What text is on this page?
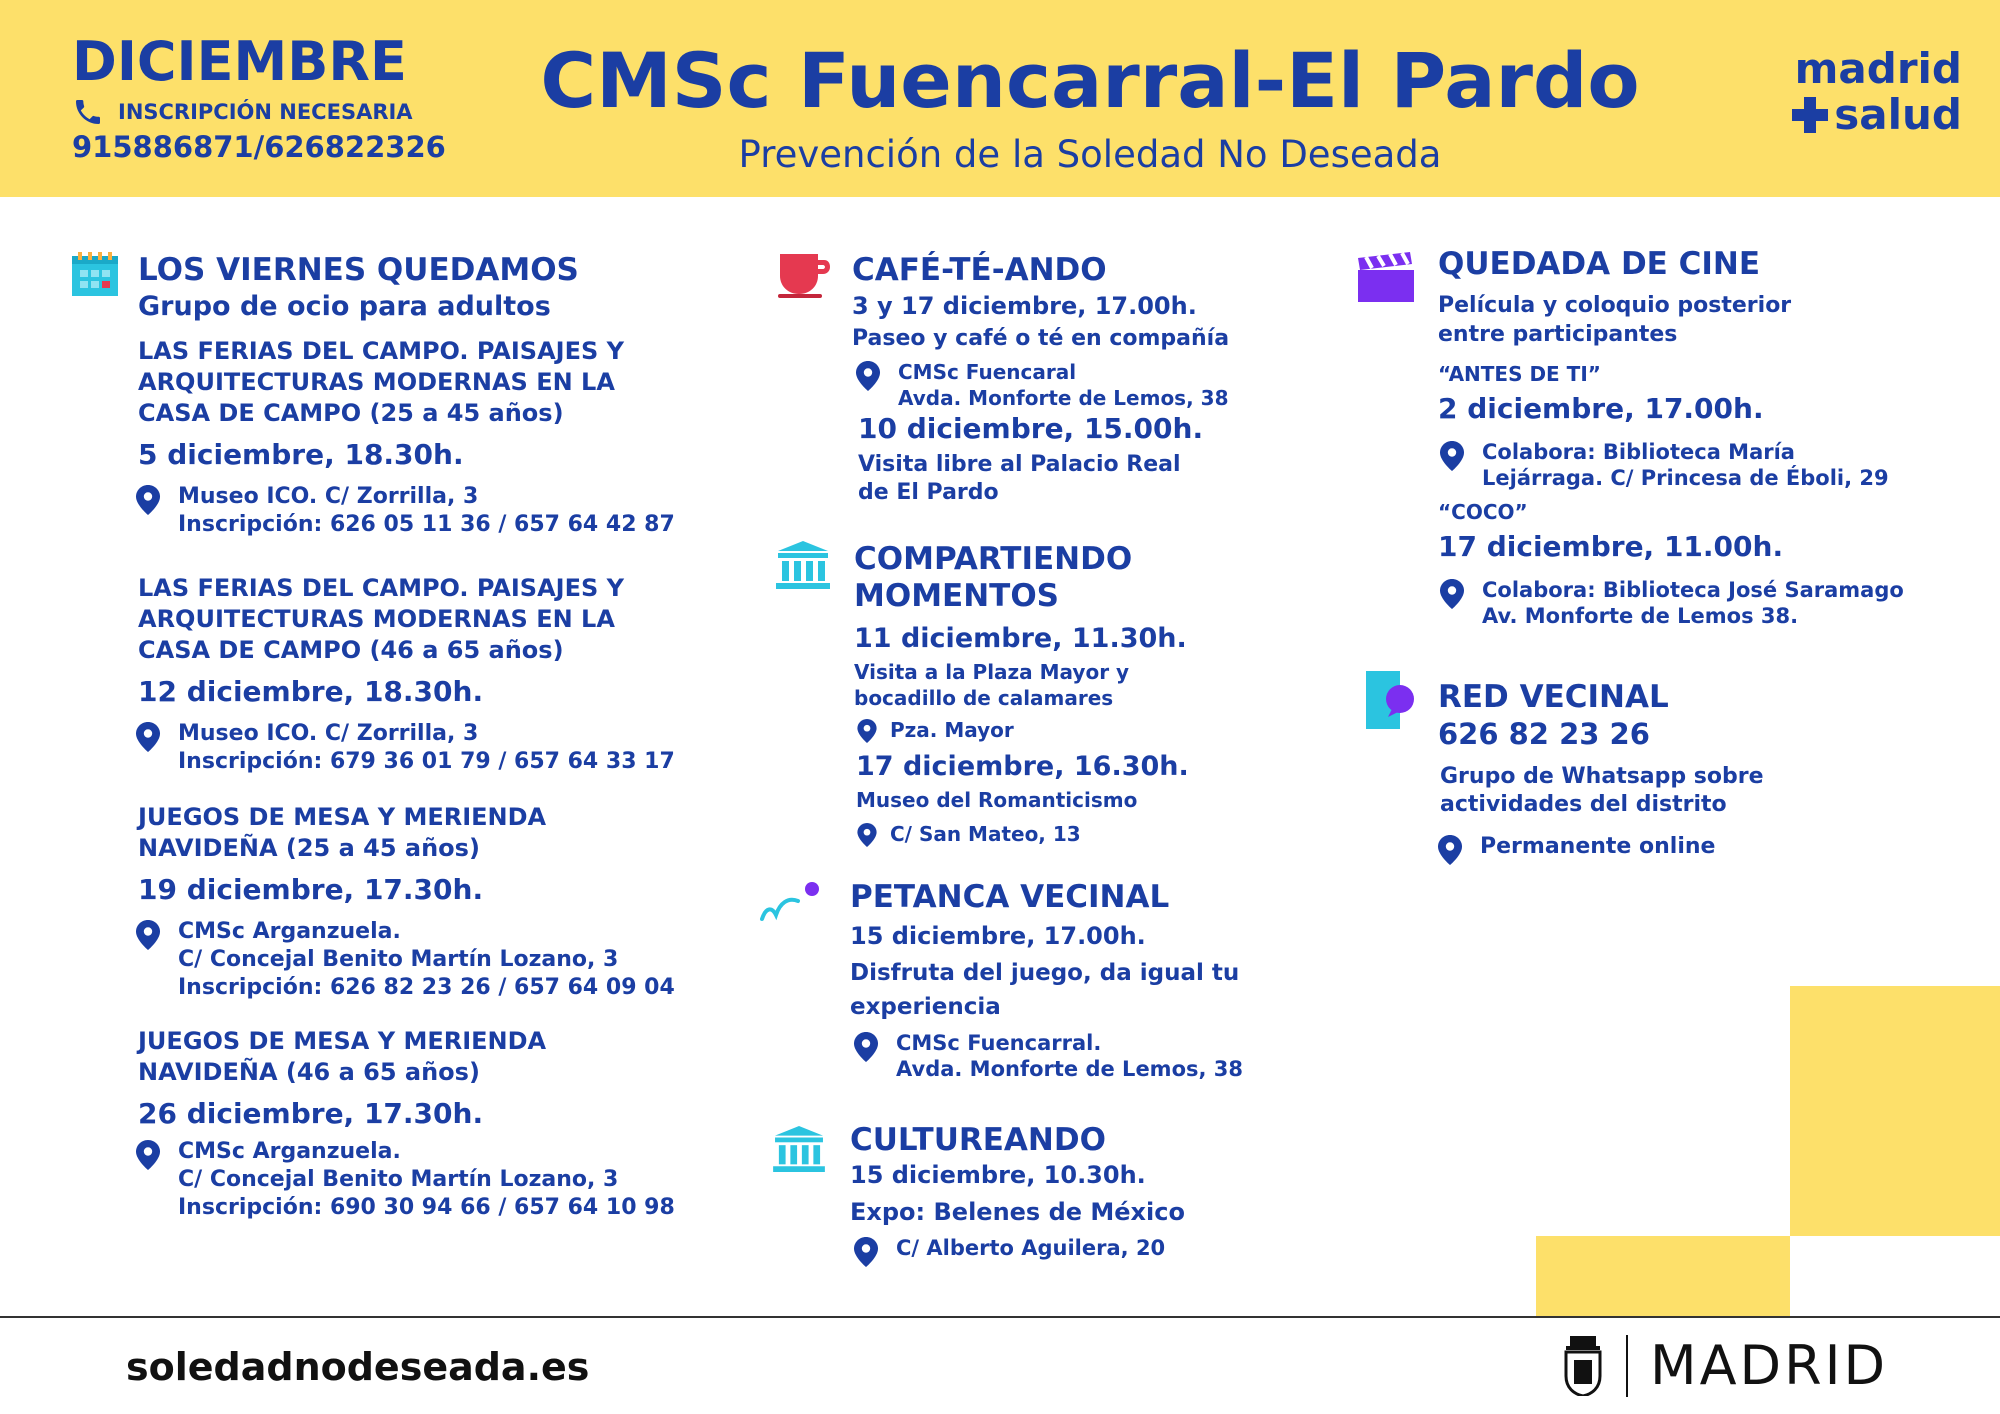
DICIEMBRE
INSCRIPCIÓN NECESARIA
915886871/626822326
CMSc Fuencarral-El Pardo
Prevención de la Soledad No Deseada
madrid
salud
LOS VIERNES QUEDAMOS
Grupo de ocio para adultos
LAS FERIAS DEL CAMPO. PAISAJES Y
ARQUITECTURAS MODERNAS EN LA
CASA DE CAMPO (25 a 45 años)
5 diciembre, 18.30h.
Museo ICO. C/ Zorrilla, 3
Inscripción: 626 05 11 36 / 657 64 42 87
LAS FERIAS DEL CAMPO. PAISAJES Y
ARQUITECTURAS MODERNAS EN LA
CASA DE CAMPO (46 a 65 años)
12 diciembre, 18.30h.
Museo ICO. C/ Zorrilla, 3
Inscripción: 679 36 01 79 / 657 64 33 17
JUEGOS DE MESA Y MERIENDA
NAVIDEÑA (25 a 45 años)
19 diciembre, 17.30h.
CMSc Arganzuela.
C/ Concejal Benito Martín Lozano, 3
Inscripción: 626 82 23 26 / 657 64 09 04
JUEGOS DE MESA Y MERIENDA
NAVIDEÑA (46 a 65 años)
26 diciembre, 17.30h.
CMSc Arganzuela.
C/ Concejal Benito Martín Lozano, 3
Inscripción: 690 30 94 66 / 657 64 10 98
CAFÉ-TÉ-ANDO
3 y 17 diciembre, 17.00h.
Paseo y café o té en compañía
CMSc Fuencaral
Avda. Monforte de Lemos, 38
10 diciembre, 15.00h.
Visita libre al Palacio Real
de El Pardo
COMPARTIENDO
MOMENTOS
11 diciembre, 11.30h.
Visita a la Plaza Mayor y
bocadillo de calamares
Pza. Mayor
17 diciembre, 16.30h.
Museo del Romanticismo
C/ San Mateo, 13
PETANCA VECINAL
15 diciembre, 17.00h.
Disfruta del juego, da igual tu experiencia
CMSc Fuencarral.
Avda. Monforte de Lemos, 38
CULTUREANDO
15 diciembre, 10.30h.
Expo: Belenes de México
C/ Alberto Aguilera, 20
QUEDADA DE CINE
Película y coloquio posterior
entre participantes
“ANTES DE TI”
2 diciembre, 17.00h.
Colabora: Biblioteca María
Lejárraga. C/ Princesa de Éboli, 29
“COCO”
17 diciembre, 11.00h.
Colabora: Biblioteca José Saramago
Av. Monforte de Lemos 38.
RED VECINAL
626 82 23 26
Grupo de Whatsapp sobre
actividades del distrito
Permanente online
soledadnodeseada.es	MADRID
